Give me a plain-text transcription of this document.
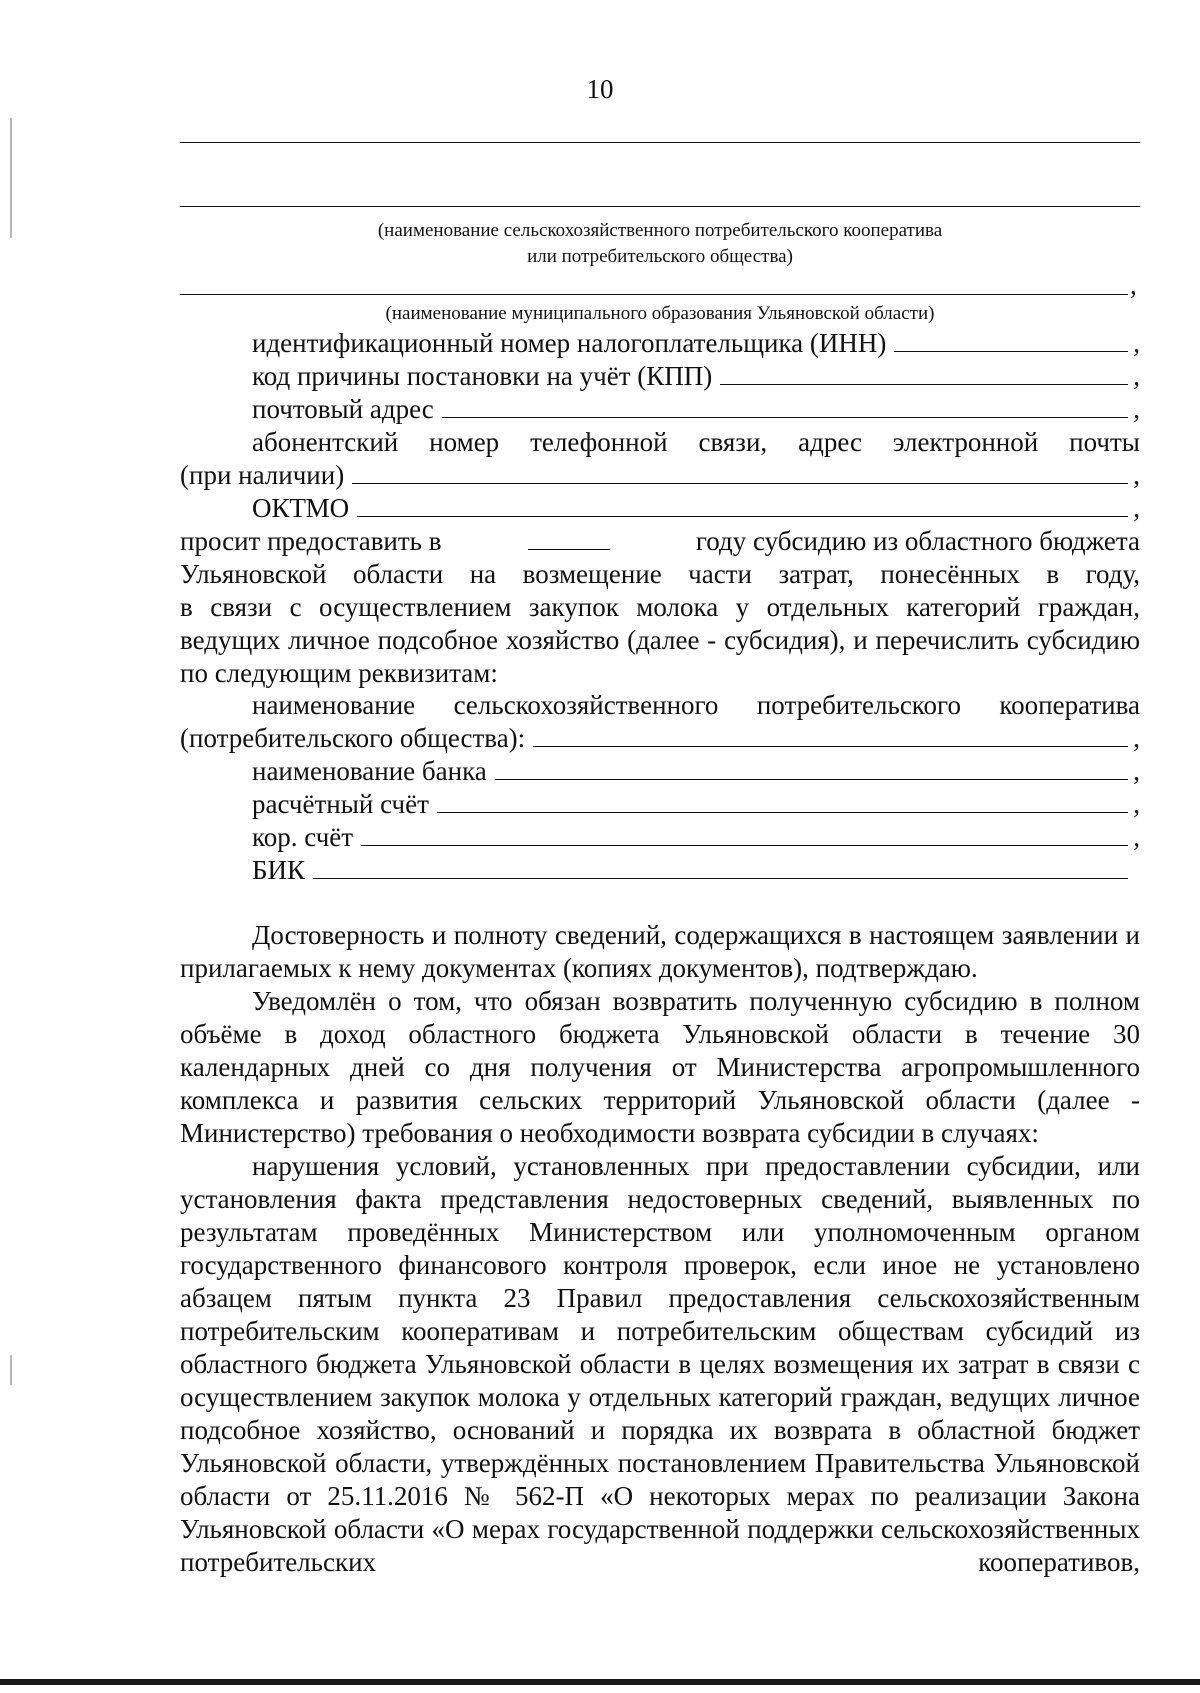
10
(наименование сельскохозяйственного потребительского кооператива
или потребительского общества)
,
(наименование муниципального образования Ульяновской области)
идентификационный номер налогоплательщика (ИНН)	,
код причины постановки на учёт (КПП)	,
почтовый адрес	,
абонентский номер телефонной связи, адрес электронной почты
(при наличии)	,
ОКТМО	,
просит предоставить в	году субсидию из областного бюджета

Ульяновской области на возмещение части затрат, понесённых в году,

в связи с осуществлением закупок молока у отдельных категорий граждан, ведущих личное подсобное хозяйство (далее - субсидия), и перечислить субсидию по следующим реквизитам:

наименование сельскохозяйственного потребительского кооператива
(потребительского общества):	,
наименование банка	,
расчётный счёт	,
кор. счёт	,
БИК

Достоверность и полноту сведений, содержащихся в настоящем заявлении и прилагаемых к нему документах (копиях документов), подтверждаю.

Уведомлён о том, что обязан возвратить полученную субсидию в полном объёме в доход областного бюджета Ульяновской области в течение 30 календарных дней со дня получения от Министерства агропромышленного комплекса и развития сельских территорий Ульяновской области (далее - Министерство) требования о необходимости возврата субсидии в случаях:

нарушения условий, установленных при предоставлении субсидии, или установления факта представления недостоверных сведений, выявленных по результатам проведённых Министерством или уполномоченным органом государственного финансового контроля проверок, если иное не установлено абзацем пятым пункта 23 Правил предоставления сельскохозяйственным потребительским кооперативам и потребительским обществам субсидий из областного бюджета Ульяновской области в целях возмещения их затрат в связи с осуществлением закупок молока у отдельных категорий граждан, ведущих личное подсобное хозяйство, оснований и порядка их возврата в областной бюджет Ульяновской области, утверждённых постановлением Правительства Ульяновской области от 25.11.2016 № 562-П «О некоторых мерах по реализации Закона Ульяновской области «О мерах государственной поддержки сельскохозяйственных потребительских кооперативов,
